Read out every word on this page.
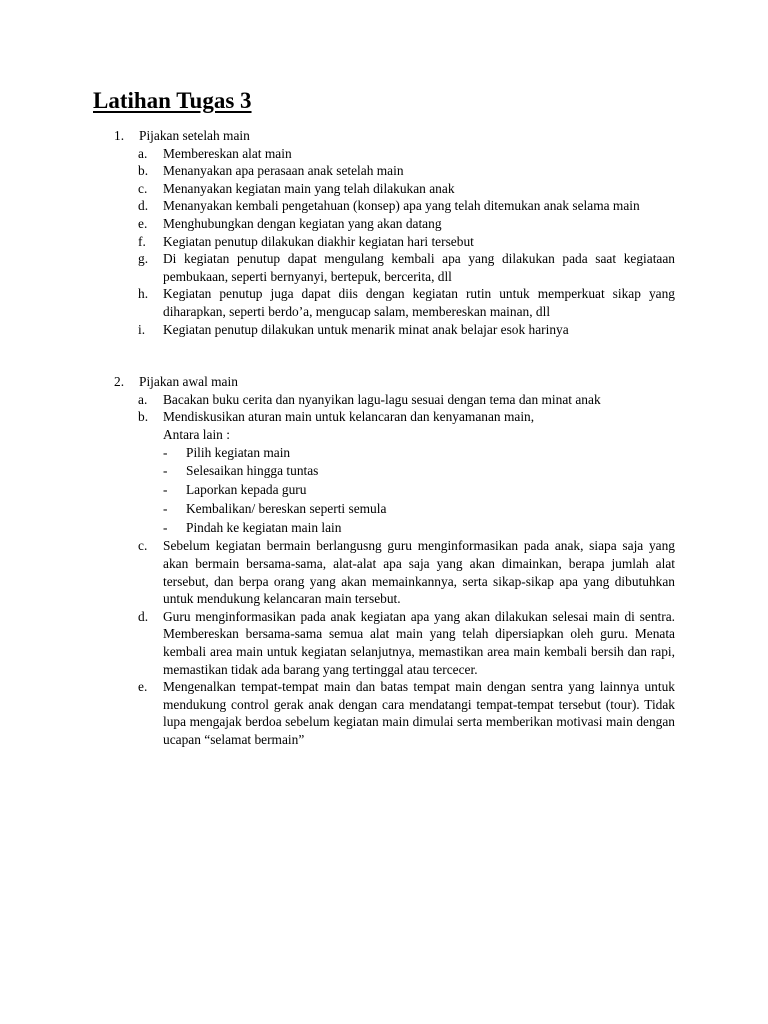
Latihan Tugas 3
1. Pijakan setelah main
a. Membereskan alat main
b. Menanyakan apa perasaan anak setelah main
c. Menanyakan kegiatan main yang telah dilakukan anak
d. Menanyakan kembali pengetahuan (konsep) apa yang telah ditemukan anak selama main
e. Menghubungkan dengan kegiatan yang akan datang
f. Kegiatan penutup dilakukan diakhir kegiatan hari tersebut
g. Di kegiatan penutup dapat mengulang kembali apa yang dilakukan pada saat kegiataan pembukaan, seperti bernyanyi, bertepuk, bercerita, dll
h. Kegiatan penutup juga dapat diis dengan kegiatan rutin untuk memperkuat sikap yang diharapkan, seperti berdo’a, mengucap salam, membereskan mainan, dll
i. Kegiatan penutup dilakukan untuk menarik minat anak belajar esok harinya
2. Pijakan awal main
a. Bacakan buku cerita dan nyanyikan lagu-lagu sesuai dengan tema dan minat anak
b. Mendiskusikan aturan main untuk kelancaran dan kenyamanan main,
Antara lain :
- Pilih kegiatan main
- Selesaikan hingga tuntas
- Laporkan kepada guru
- Kembalikan/ bereskan seperti semula
- Pindah ke kegiatan main lain
c. Sebelum kegiatan bermain berlangusng guru menginformasikan pada anak, siapa saja yang akan bermain bersama-sama, alat-alat apa saja yang akan dimainkan, berapa jumlah alat tersebut, dan berpa orang yang akan memainkannya, serta sikap-sikap apa yang dibutuhkan untuk mendukung kelancaran main tersebut.
d. Guru menginformasikan pada anak kegiatan apa yang akan dilakukan selesai main di sentra. Membereskan bersama-sama semua alat main yang telah dipersiapkan oleh guru. Menata kembali area main untuk kegiatan selanjutnya, memastikan area main kembali bersih dan rapi, memastikan tidak ada barang yang tertinggal atau tercecer.
e. Mengenalkan tempat-tempat main dan batas tempat main dengan sentra yang lainnya untuk mendukung control gerak anak dengan cara mendatangi tempat-tempat tersebut (tour). Tidak lupa mengajak berdoa sebelum kegiatan main dimulai serta memberikan motivasi main dengan ucapan “selamat bermain”
